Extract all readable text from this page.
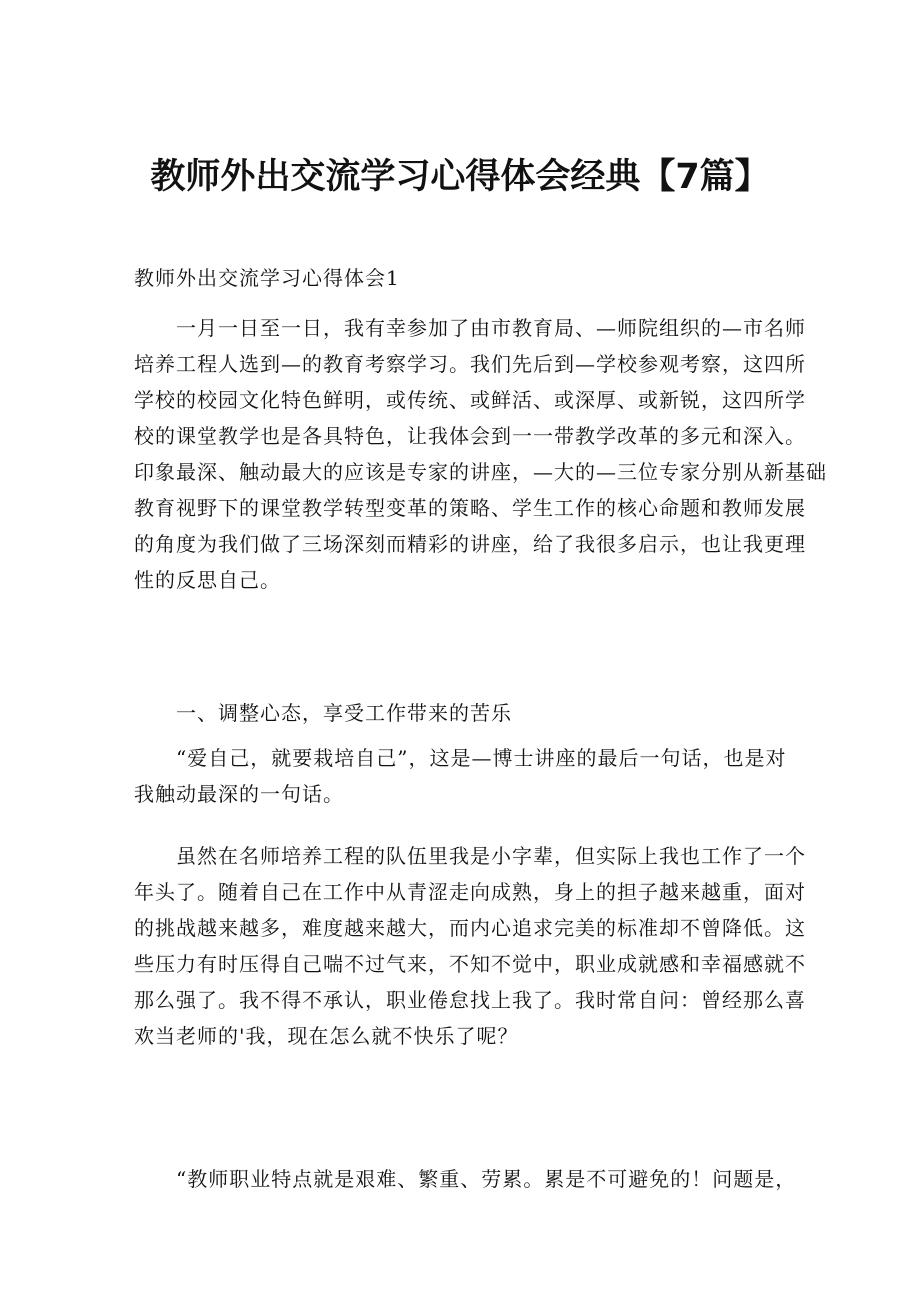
教师外出交流学习心得体会经典【7篇】

教师外出交流学习心得体会1

一月一日至一日，我有幸参加了由市教育局、—师院组织的—市名师
培养工程人选到—的教育考察学习。我们先后到—学校参观考察，这四所
学校的校园文化特色鲜明，或传统、或鲜活、或深厚、或新锐，这四所学
校的课堂教学也是各具特色，让我体会到一一带教学改革的多元和深入。
印象最深、触动最大的应该是专家的讲座，—大的—三位专家分别从新基础
教育视野下的课堂教学转型变革的策略、学生工作的核心命题和教师发展
的角度为我们做了三场深刻而精彩的讲座，给了我很多启示，也让我更理
性的反思自己。
一、调整心态，享受工作带来的苦乐
“爱自己，就要栽培自己”，这是—博士讲座的最后一句话，也是对
我触动最深的一句话。
虽然在名师培养工程的队伍里我是小字辈，但实际上我也工作了一个
年头了。随着自己在工作中从青涩走向成熟，身上的担子越来越重，面对
的挑战越来越多，难度越来越大，而内心追求完美的标准却不曾降低。这
些压力有时压得自己喘不过气来，不知不觉中，职业成就感和幸福感就不
那么强了。我不得不承认，职业倦怠找上我了。我时常自问：曾经那么喜
欢当老师的'我，现在怎么就不快乐了呢？
“教师职业特点就是艰难、繁重、劳累。累是不可避免的！问题是，
